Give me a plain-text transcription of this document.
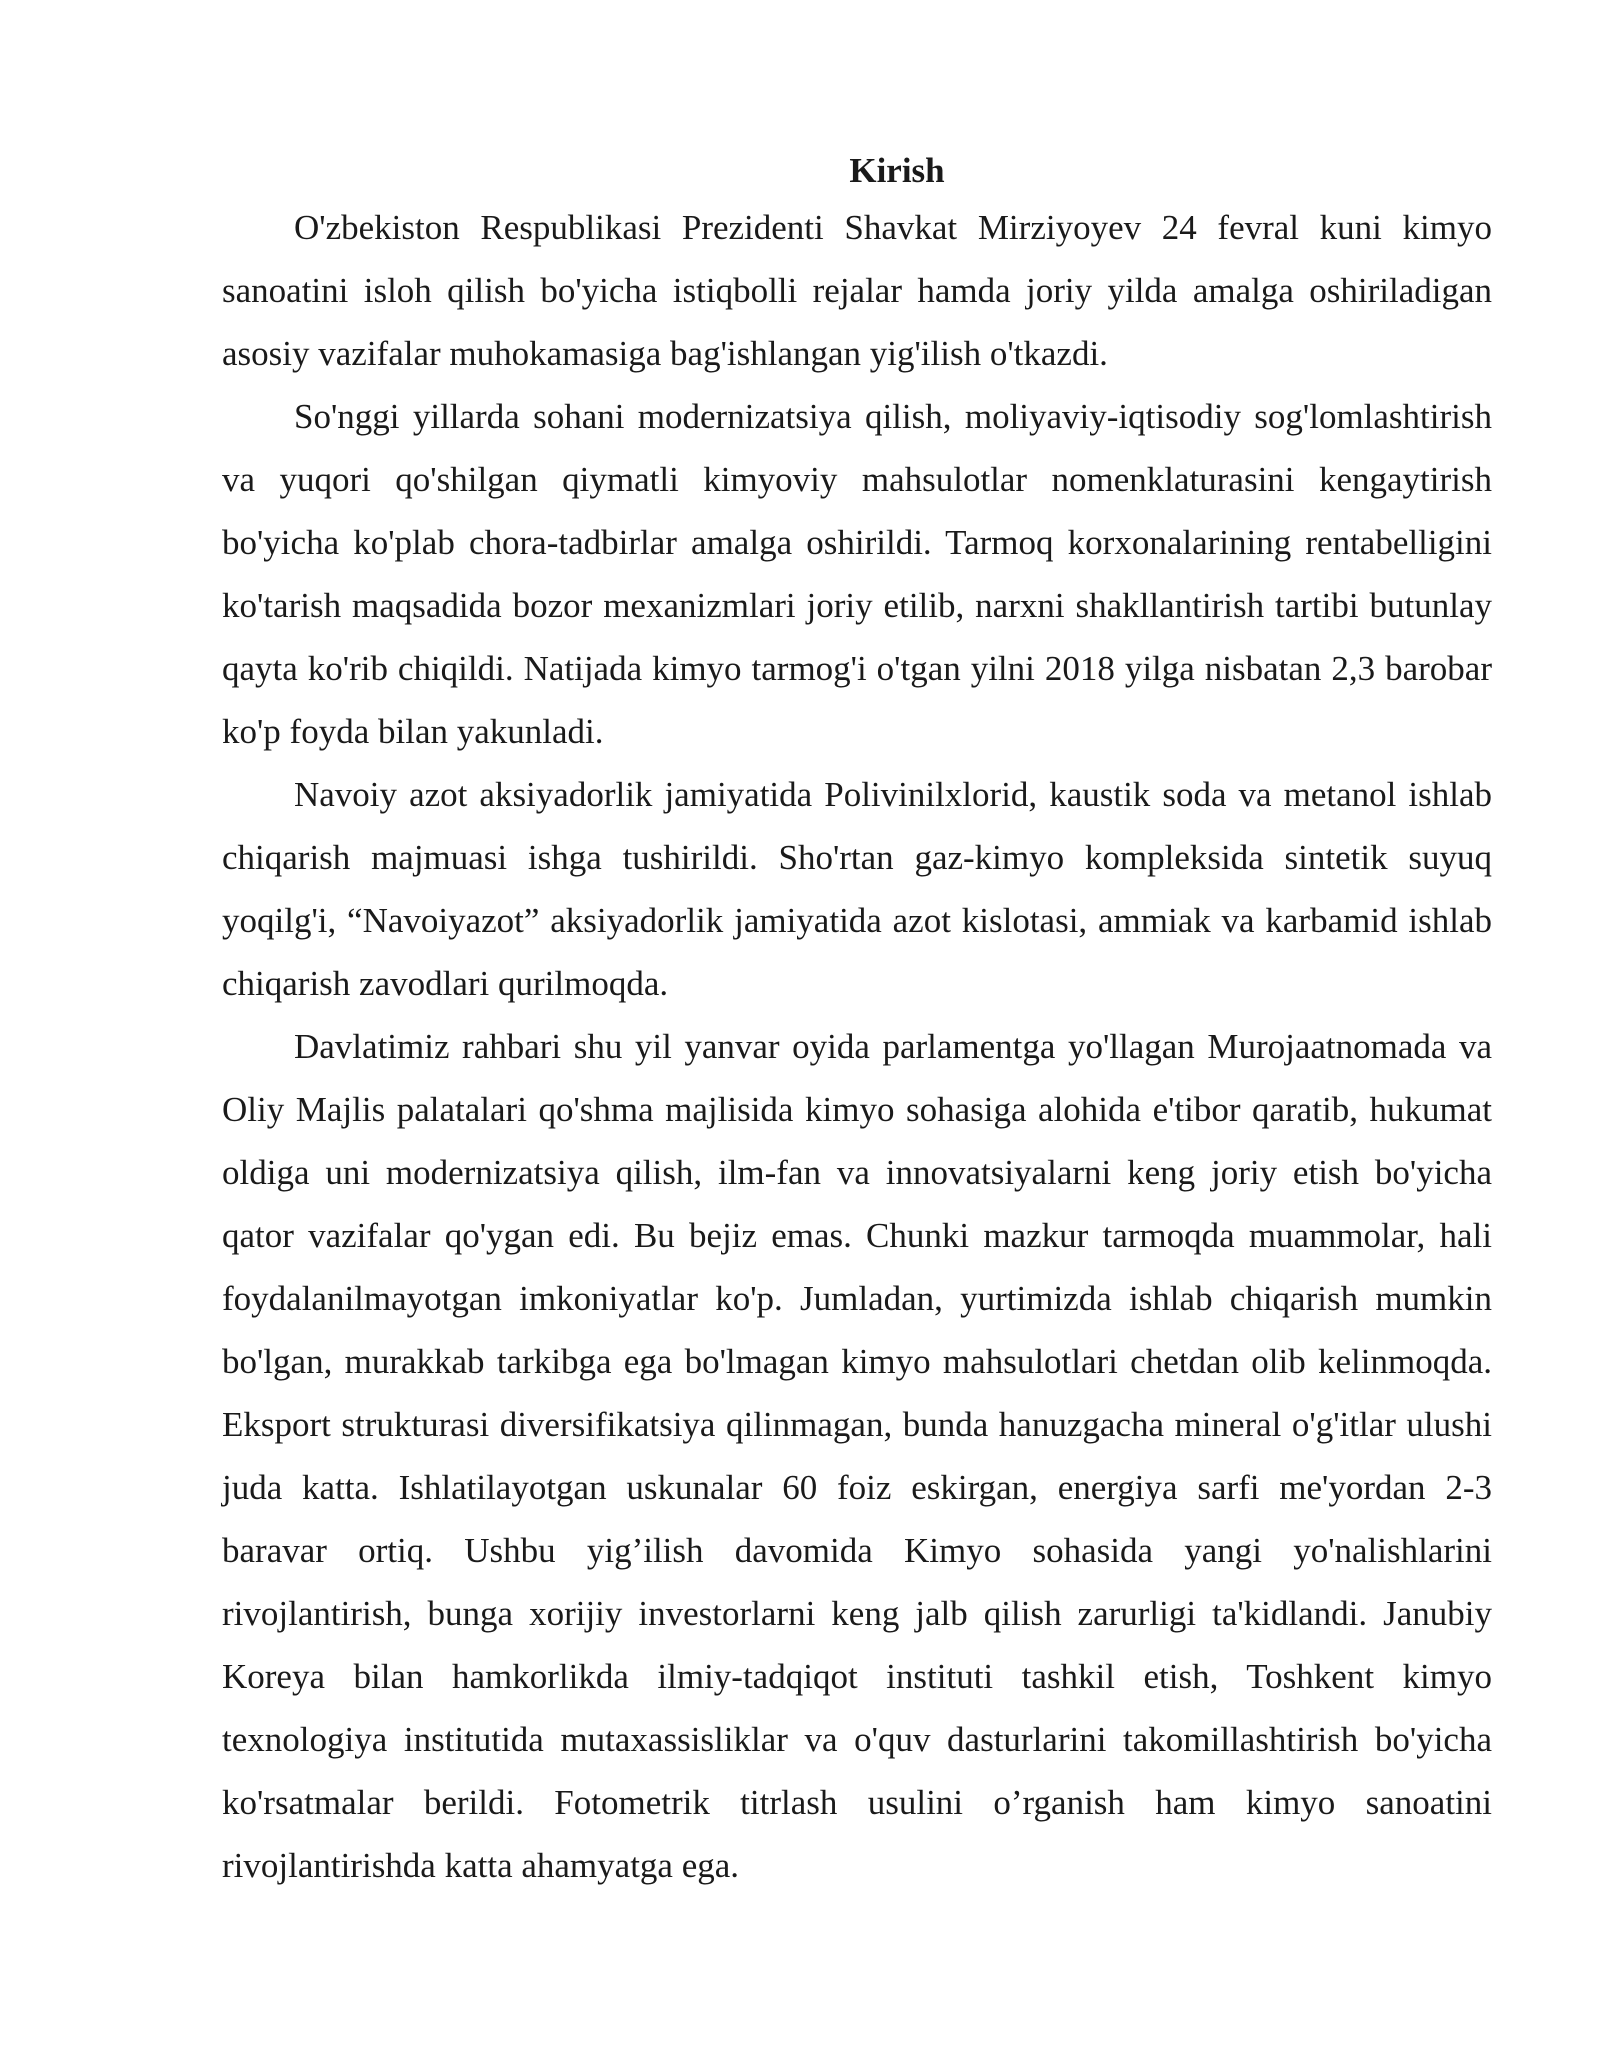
Kirish

O'zbekiston Respublikasi Prezidenti Shavkat Mirziyoyev 24 fevral kuni kimyo sanoatini isloh qilish bo'yicha istiqbolli rejalar hamda joriy yilda amalga oshiriladigan asosiy vazifalar muhokamasiga bag'ishlangan yig'ilish o'tkazdi.

So'nggi yillarda sohani modernizatsiya qilish, moliyaviy-iqtisodiy sog'lomlashtirish va yuqori qo'shilgan qiymatli kimyoviy mahsulotlar nomenklaturasini kengaytirish bo'yicha ko'plab chora-tadbirlar amalga oshirildi. Tarmoq korxonalarining rentabelligini ko'tarish maqsadida bozor mexanizmlari joriy etilib, narxni shakllantirish tartibi butunlay qayta ko'rib chiqildi. Natijada kimyo tarmog'i o'tgan yilni 2018 yilga nisbatan 2,3 barobar ko'p foyda bilan yakunladi.

Navoiy azot aksiyadorlik jamiyatida Polivinilxlorid, kaustik soda va metanol ishlab chiqarish majmuasi ishga tushirildi. Sho'rtan gaz-kimyo kompleksida sintetik suyuq yoqilg'i, “Navoiyazot” aksiyadorlik jamiyatida azot kislotasi, ammiak va karbamid ishlab chiqarish zavodlari qurilmoqda.

Davlatimiz rahbari shu yil yanvar oyida parlamentga yo'llagan Murojaatnomada va Oliy Majlis palatalari qo'shma majlisida kimyo sohasiga alohida e'tibor qaratib, hukumat oldiga uni modernizatsiya qilish, ilm-fan va innovatsiyalarni keng joriy etish bo'yicha qator vazifalar qo'ygan edi. Bu bejiz emas. Chunki mazkur tarmoqda muammolar, hali foydalanilmayotgan imkoniyatlar ko'p. Jumladan, yurtimizda ishlab chiqarish mumkin bo'lgan, murakkab tarkibga ega bo'lmagan kimyo mahsulotlari chetdan olib kelinmoqda. Eksport strukturasi diversifikatsiya qilinmagan, bunda hanuzgacha mineral o'g'itlar ulushi juda katta. Ishlatilayotgan uskunalar 60 foiz eskirgan, energiya sarfi me'yordan 2-3 baravar ortiq. Ushbu yig’ilish davomida Kimyo sohasida yangi yo'nalishlarini rivojlantirish, bunga xorijiy investorlarni keng jalb qilish zarurligi ta'kidlandi. Janubiy Koreya bilan hamkorlikda ilmiy-tadqiqot instituti tashkil etish, Toshkent kimyo texnologiya institutida mutaxassisliklar va o'quv dasturlarini takomillashtirish bo'yicha ko'rsatmalar berildi. Fotometrik titrlash usulini o’rganish ham kimyo sanoatini rivojlantirishda katta ahamyatga ega.
